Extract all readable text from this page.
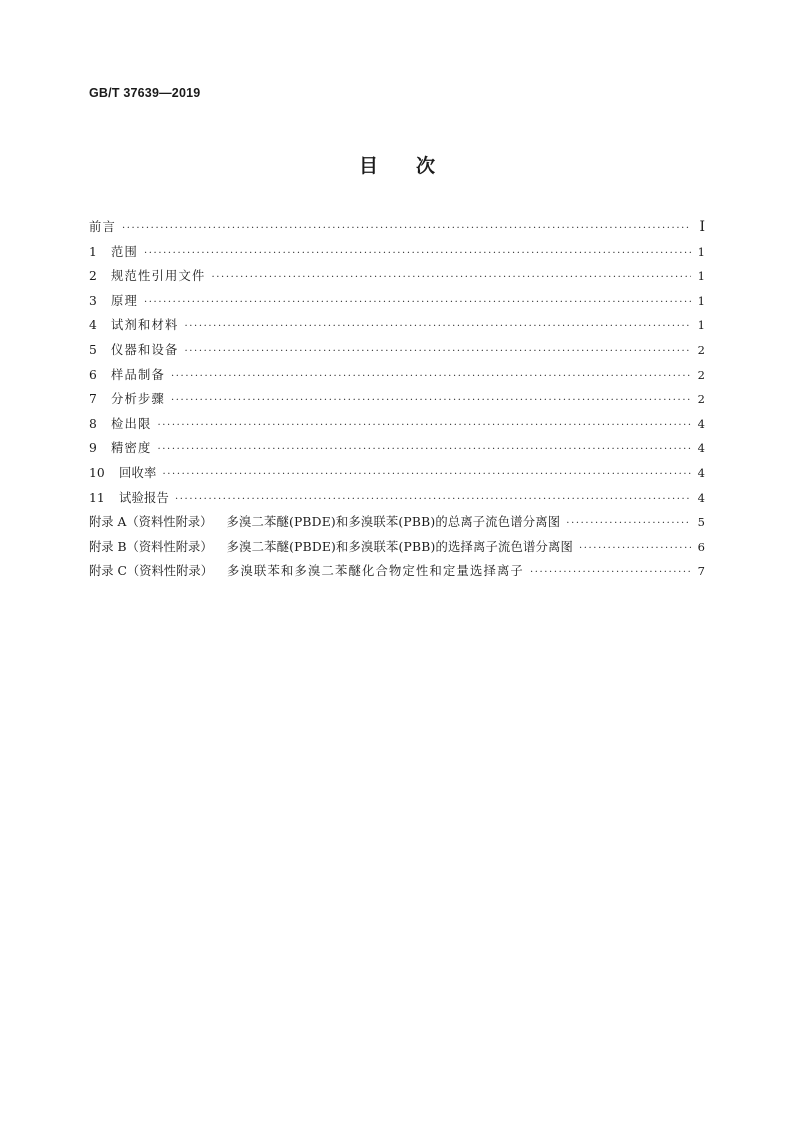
GB/T 37639—2019
目 次
前言 ·····	Ⅰ
1	范围 ·····	1
2	规范性引用文件 ·····	1
3	原理 ·····	1
4	试剂和材料 ·····	1
5	仪器和设备 ·····	2
6	样品制备 ·····	2
7	分析步骤 ·····	2
8	检出限 ·····	4
9	精密度 ·····	4
10	回收率 ·····	4
11	试验报告 ·····	4
附录 A（资料性附录） 多溴二苯醚(PBDE)和多溴联苯(PBB)的总离子流色谱分离图 ·····	5
附录 B（资料性附录） 多溴二苯醚(PBDE)和多溴联苯(PBB)的选择离子流色谱分离图 ·····	6
附录 C（资料性附录） 多溴联苯和多溴二苯醚化合物定性和定量选择离子 ·····	7
